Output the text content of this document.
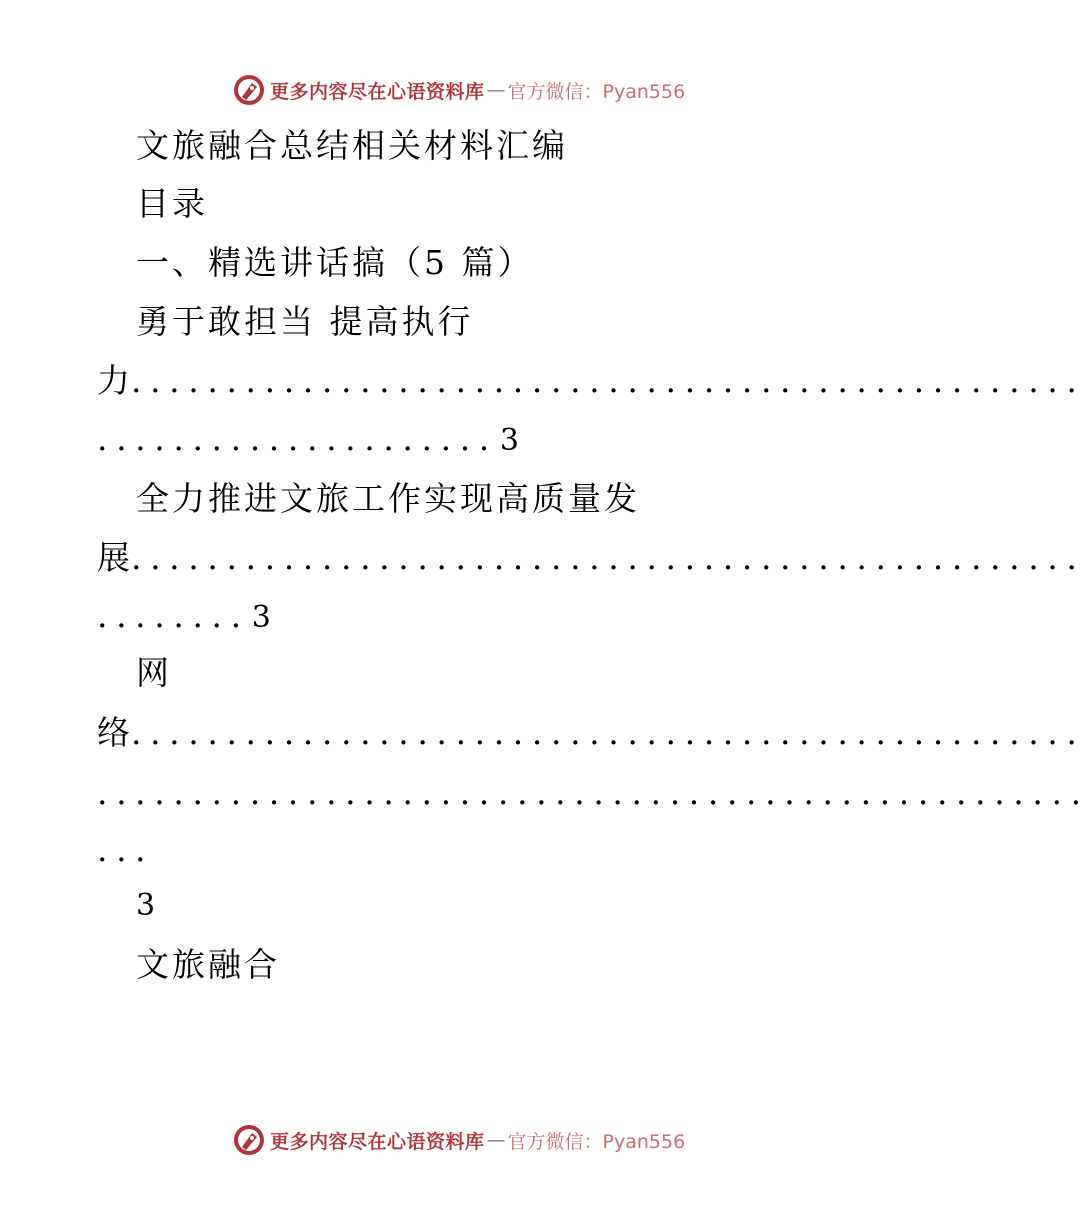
更多内容尽在心语资料库 — 官方微信：Pyan556
文旅融合总结相关材料汇编
目录
一、精选讲话搞（5 篇）
勇于敢担当 提高执行
力
..................................................
.....................3
全力推进文旅工作实现高质量发
展
..................................................
........3
网
络
..................................................
....................................................
...
3
文旅融合
更多内容尽在心语资料库 — 官方微信：Pyan556
